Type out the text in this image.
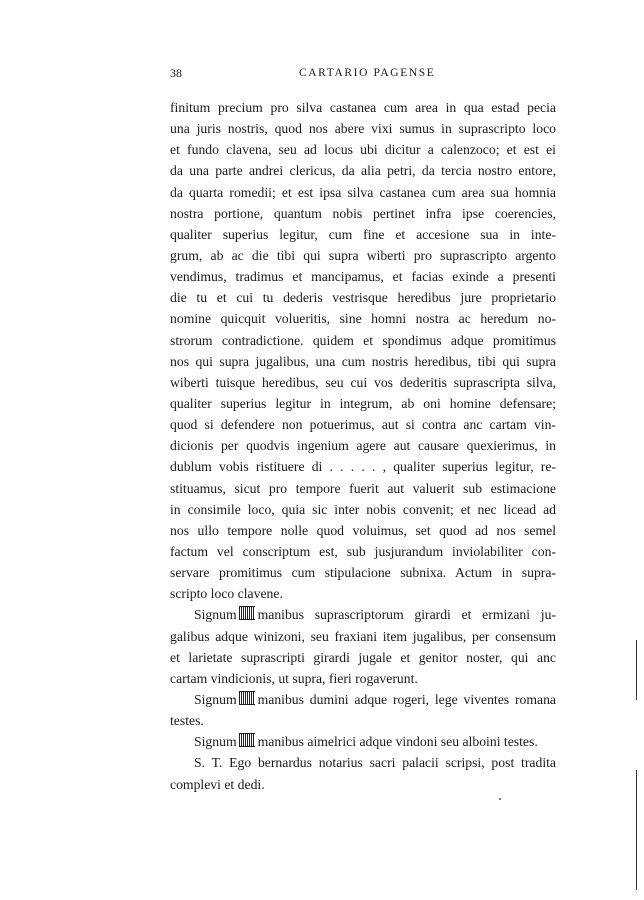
38	CARTARIO PAGENSE
finitum precium pro silva castanea cum area in qua estad pecia
una juris nostris, quod nos abere vixi sumus in suprascripto loco
et fundo clavena, seu ad locus ubi dicitur a calenzoco; et est ei
da una parte andrei clericus, da alia petri, da tercia nostro entore,
da quarta romedii; et est ipsa silva castanea cum area sua homnia
nostra portione, quantum nobis pertinet infra ipse coerencies,
qualiter superius legitur, cum fine et accesione sua in inte-
grum, ab ac die tibi qui supra wiberti pro suprascripto argento
vendimus, tradimus et mancipamus, et facias exinde a presenti
die tu et cui tu dederis vestrisque heredibus jure proprietario
nomine quicquit volueritis, sine homni nostra ac heredum no-
strorum contradictione. quidem et spondimus adque promitimus
nos qui supra jugalibus, una cum nostris heredibus, tibi qui supra
wiberti tuisque heredibus, seu cui vos dederitis suprascripta silva,
qualiter superius legitur in integrum, ab oni homine defensare;
quod si defendere non potuerimus, aut si contra anc cartam vin-
dicionis per quodvis ingenium agere aut causare quexierimus, in
dublum vobis ristituere di . . . . . , qualiter superius legitur, re-
stituamus, sicut pro tempore fuerit aut valuerit sub estimacione
in consimile loco, quia sic inter nobis convenit; et nec licead ad
nos ullo tempore nolle quod voluimus, set quod ad nos semel
factum vel conscriptum est, sub jusjurandum inviolabiliter con-
servare promitimus cum stipulacione subnixa. Actum in supra-
scripto loco clavene.
Signum manibus suprascriptorum girardi et ermizani ju-
galibus adque winizoni, seu fraxiani item jugalibus, per consensum
et larietate suprascripti girardi jugale et genitor noster, qui anc
cartam vindicionis, ut supra, fieri rogaverunt.
Signum manibus dumini adque rogeri, lege viventes romana
testes.
Signum manibus aimelrici adque vindoni seu alboini testes.
S. T. Ego bernardus notarius sacri palacii scripsi, post tradita
complevi et dedi.
